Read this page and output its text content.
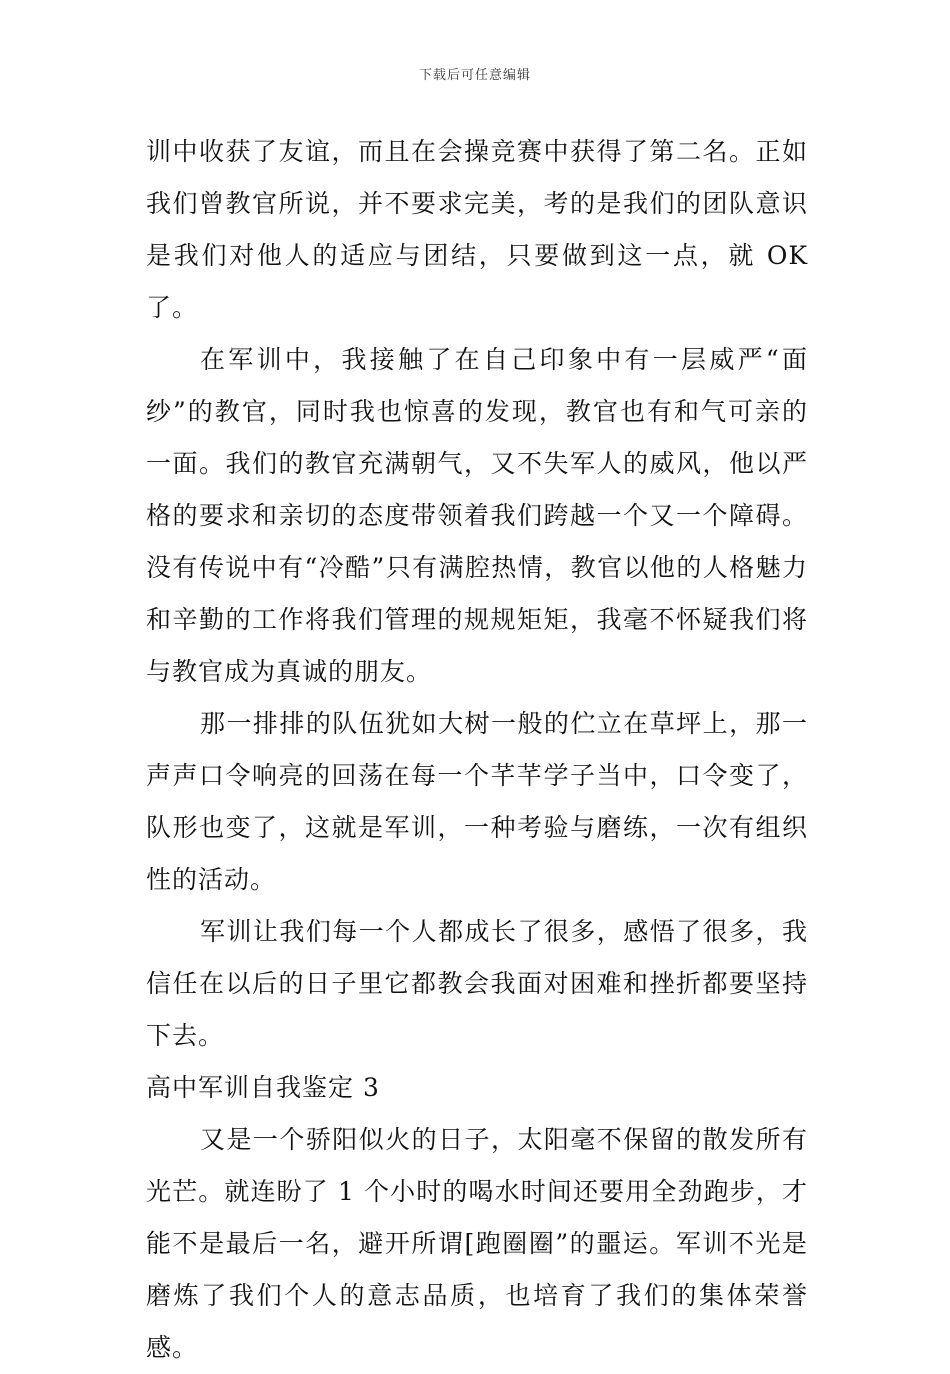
下载后可任意编辑

训中收获了友谊，而且在会操竞赛中获得了第二名。正如我们曾教官所说，并不要求完美，考的是我们的团队意识是我们对他人的适应与团结，只要做到这一点，就 OK 了。

在军训中，我接触了在自己印象中有一层威严“面纱”的教官，同时我也惊喜的发现，教官也有和气可亲的一面。我们的教官充满朝气，又不失军人的威风，他以严格的要求和亲切的态度带领着我们跨越一个又一个障碍。没有传说中有“冷酷”只有满腔热情，教官以他的人格魅力和辛勤的工作将我们管理的规规矩矩，我毫不怀疑我们将与教官成为真诚的朋友。

那一排排的队伍犹如大树一般的伫立在草坪上，那一声声口令响亮的回荡在每一个芊芊学子当中，口令变了，队形也变了，这就是军训，一种考验与磨练，一次有组织性的活动。

军训让我们每一个人都成长了很多，感悟了很多，我信任在以后的日子里它都教会我面对困难和挫折都要坚持下去。

高中军训自我鉴定 3

又是一个骄阳似火的日子，太阳毫不保留的散发所有光芒。就连盼了 1 个小时的喝水时间还要用全劲跑步，才能不是最后一名，避开所谓[跑圈圈”的噩运。军训不光是磨炼了我们个人的意志品质，也培育了我们的集体荣誉感。
